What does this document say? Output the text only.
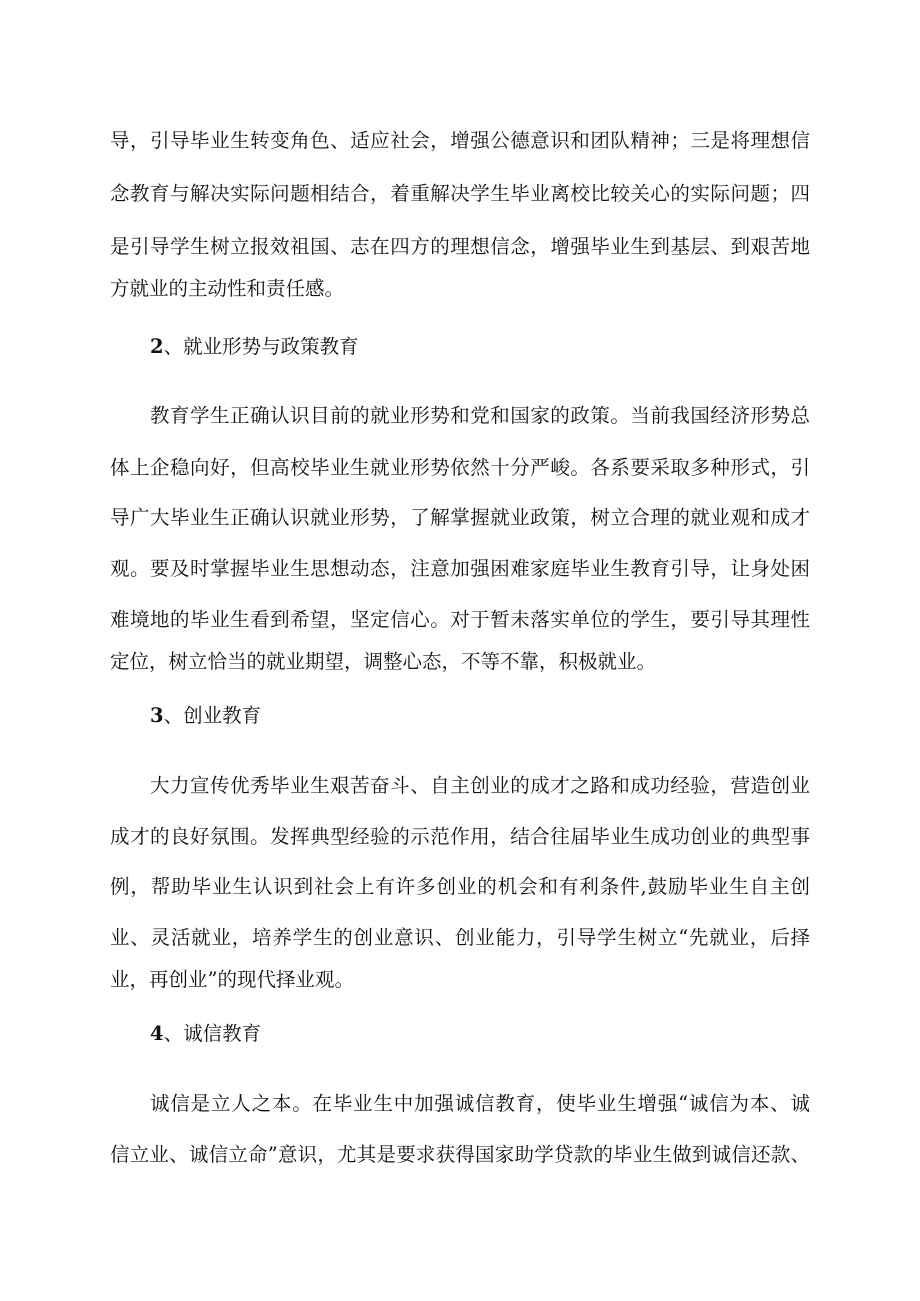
导，引导毕业生转变角色、适应社会，增强公德意识和团队精神；三是将理想信
念教育与解决实际问题相结合，着重解决学生毕业离校比较关心的实际问题；四
是引导学生树立报效祖国、志在四方的理想信念，增强毕业生到基层、到艰苦地
方就业的主动性和责任感。
2、就业形势与政策教育
教育学生正确认识目前的就业形势和党和国家的政策。当前我国经济形势总
体上企稳向好，但高校毕业生就业形势依然十分严峻。各系要采取多种形式，引
导广大毕业生正确认识就业形势，了解掌握就业政策，树立合理的就业观和成才
观。要及时掌握毕业生思想动态，注意加强困难家庭毕业生教育引导，让身处困
难境地的毕业生看到希望，坚定信心。对于暂未落实单位的学生，要引导其理性
定位，树立恰当的就业期望，调整心态，不等不靠，积极就业。
3、创业教育
大力宣传优秀毕业生艰苦奋斗、自主创业的成才之路和成功经验，营造创业
成才的良好氛围。发挥典型经验的示范作用，结合往届毕业生成功创业的典型事
例，帮助毕业生认识到社会上有许多创业的机会和有利条件,鼓励毕业生自主创
业、灵活就业，培养学生的创业意识、创业能力，引导学生树立“先就业，后择
业，再创业”的现代择业观。
4、诚信教育
诚信是立人之本。在毕业生中加强诚信教育，使毕业生增强“诚信为本、诚
信立业、诚信立命”意识，尤其是要求获得国家助学贷款的毕业生做到诚信还款、
